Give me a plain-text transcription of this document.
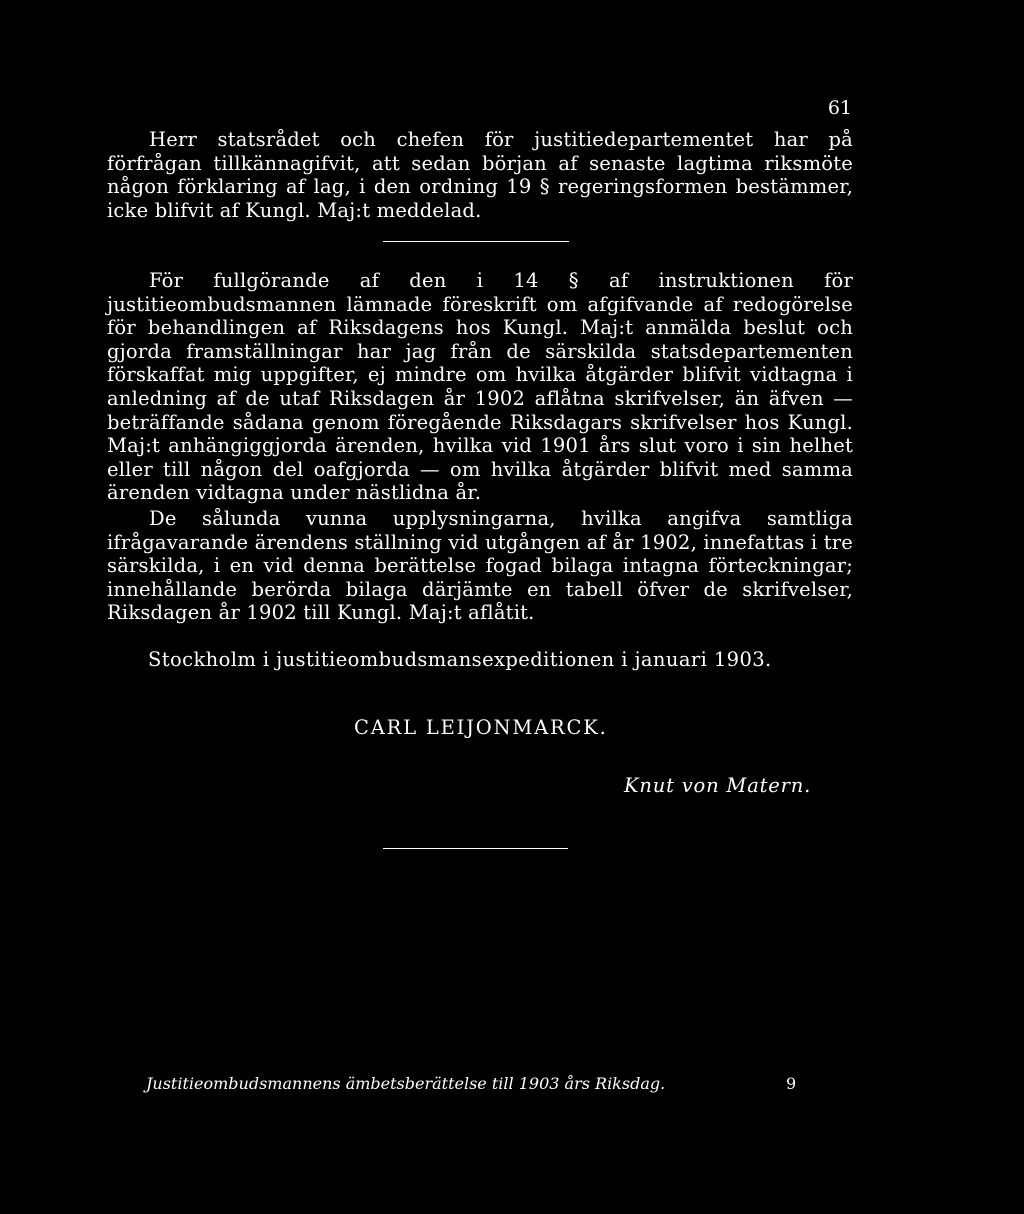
61

Herr statsrådet och chefen för justitiedepartementet har på förfrågan tillkännagifvit, att sedan början af senaste lagtima riksmöte någon förklaring af lag, i den ordning 19 § regeringsformen bestämmer, icke blifvit af Kungl. Maj:t meddelad.

För fullgörande af den i 14 § af instruktionen för justitieombudsmannen lämnade föreskrift om afgifvande af redogörelse för behandlingen af Riksdagens hos Kungl. Maj:t anmälda beslut och gjorda framställningar har jag från de särskilda statsdepartementen förskaffat mig uppgifter, ej mindre om hvilka åtgärder blifvit vidtagna i anledning af de utaf Riksdagen år 1902 aflåtna skrifvelser, än äfven — beträffande sådana genom föregående Riksdagars skrifvelser hos Kungl. Maj:t anhängiggjorda ärenden, hvilka vid 1901 års slut voro i sin helhet eller till någon del oafgjorda — om hvilka åtgärder blifvit med samma ärenden vidtagna under nästlidna år.

De sålunda vunna upplysningarna, hvilka angifva samtliga ifrågavarande ärendens ställning vid utgången af år 1902, innefattas i tre särskilda, i en vid denna berättelse fogad bilaga intagna förteckningar; innehållande berörda bilaga därjämte en tabell öfver de skrifvelser, Riksdagen år 1902 till Kungl. Maj:t aflåtit.

Stockholm i justitieombudsmansexpeditionen i januari 1903.
CARL LEIJONMARCK.
Knut von Matern.
Justitieombudsmannens ämbetsberättelse till 1903 års Riksdag.	9
